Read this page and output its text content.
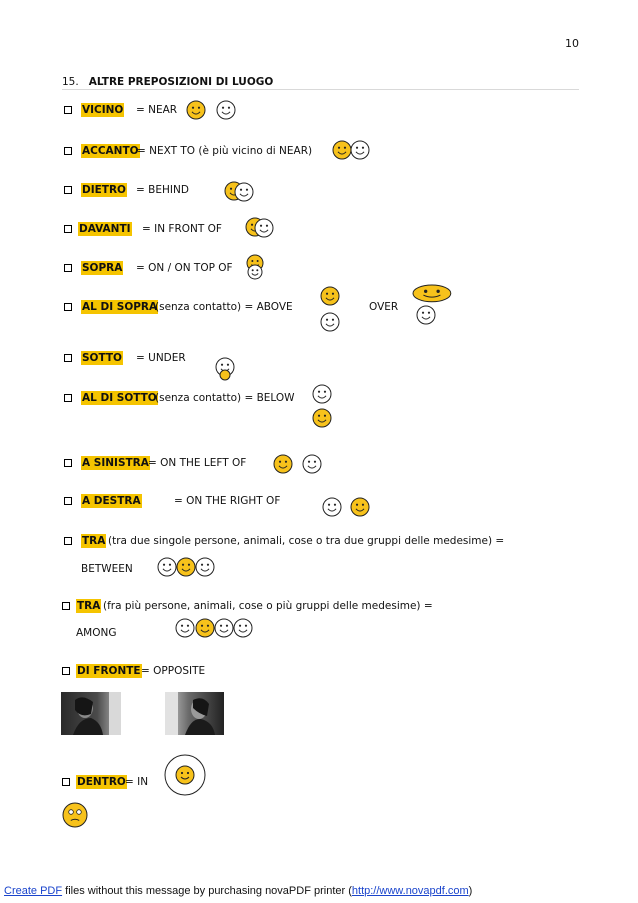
10
15. ALTRE PREPOSIZIONI DI LUOGO
VICINO = NEAR
ACCANTO
= NEXT TO (è più vicino di NEAR)
DIETRO = BEHIND
DAVANTI = IN FRONT OF
SOPRA = ON / ON TOP OF
AL DI SOPRA
(senza contatto) = ABOVE	OVER
SOTTO = UNDER
AL DI SOTTO
(senza contatto) = BELOW
A SINISTRA = ON THE LEFT OF
A DESTRA	= ON THE RIGHT OF
TRA (tra due singole persone, animali, cose o tra due gruppi delle medesime) =
BETWEEN
TRA (fra più persone, animali, cose o più gruppi delle medesime) =
AMONG
DI FRONTE = OPPOSITE
DENTRO = IN
Create PDF files without this message by purchasing novaPDF printer (http://www.novapdf.com)
